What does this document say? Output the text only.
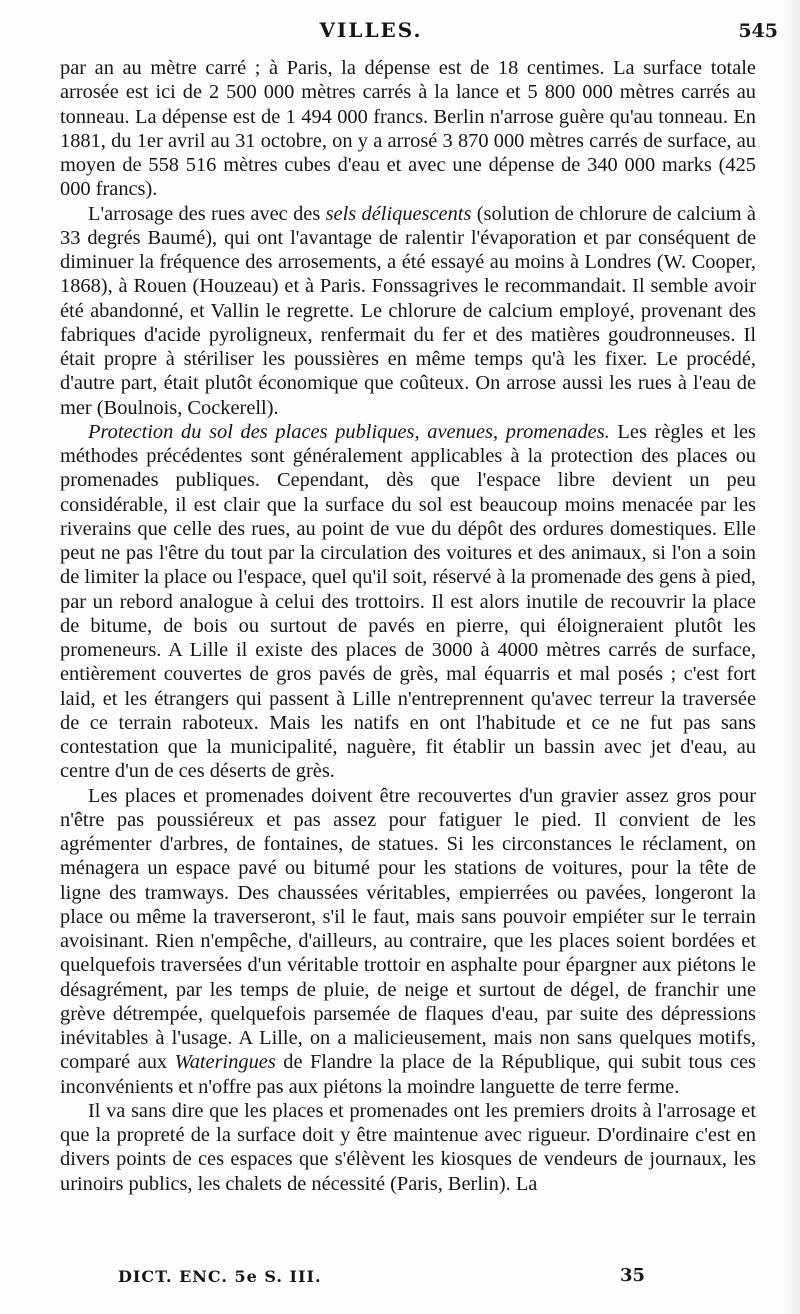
VILLES.	545

par an au mètre carré ; à Paris, la dépense est de 18 centimes. La surface totale arrosée est ici de 2 500 000 mètres carrés à la lance et 5 800 000 mètres carrés au tonneau. La dépense est de 1 494 000 francs. Berlin n'arrose guère qu'au tonneau. En 1881, du 1er avril au 31 octobre, on y a arrosé 3 870 000 mètres carrés de surface, au moyen de 558 516 mètres cubes d'eau et avec une dépense de 340 000 marks (425 000 francs).

L'arrosage des rues avec des sels déliquescents (solution de chlorure de calcium à 33 degrés Baumé), qui ont l'avantage de ralentir l'évaporation et par conséquent de diminuer la fréquence des arrosements, a été essayé au moins à Londres (W. Cooper, 1868), à Rouen (Houzeau) et à Paris. Fonssagrives le recommandait. Il semble avoir été abandonné, et Vallin le regrette. Le chlorure de calcium employé, provenant des fabriques d'acide pyroligneux, renfermait du fer et des matières goudronneuses. Il était propre à stériliser les poussières en même temps qu'à les fixer. Le procédé, d'autre part, était plutôt économique que coûteux. On arrose aussi les rues à l'eau de mer (Boulnois, Cockerell).

Protection du sol des places publiques, avenues, promenades. Les règles et les méthodes précédentes sont généralement applicables à la protection des places ou promenades publiques. Cependant, dès que l'espace libre devient un peu considérable, il est clair que la surface du sol est beaucoup moins menacée par les riverains que celle des rues, au point de vue du dépôt des ordures domestiques. Elle peut ne pas l'être du tout par la circulation des voitures et des animaux, si l'on a soin de limiter la place ou l'espace, quel qu'il soit, réservé à la promenade des gens à pied, par un rebord analogue à celui des trottoirs. Il est alors inutile de recouvrir la place de bitume, de bois ou surtout de pavés en pierre, qui éloigneraient plutôt les promeneurs. A Lille il existe des places de 3000 à 4000 mètres carrés de surface, entièrement couvertes de gros pavés de grès, mal équarris et mal posés ; c'est fort laid, et les étrangers qui passent à Lille n'entreprennent qu'avec terreur la traversée de ce terrain raboteux. Mais les natifs en ont l'habitude et ce ne fut pas sans contestation que la municipalité, naguère, fit établir un bassin avec jet d'eau, au centre d'un de ces déserts de grès.

Les places et promenades doivent être recouvertes d'un gravier assez gros pour n'être pas poussiéreux et pas assez pour fatiguer le pied. Il convient de les agrémenter d'arbres, de fontaines, de statues. Si les circonstances le réclament, on ménagera un espace pavé ou bitumé pour les stations de voitures, pour la tête de ligne des tramways. Des chaussées véritables, empierrées ou pavées, longeront la place ou même la traverseront, s'il le faut, mais sans pouvoir empiéter sur le terrain avoisinant. Rien n'empêche, d'ailleurs, au contraire, que les places soient bordées et quelquefois traversées d'un véritable trottoir en asphalte pour épargner aux piétons le désagrément, par les temps de pluie, de neige et surtout de dégel, de franchir une grève détrempée, quelquefois parsemée de flaques d'eau, par suite des dépressions inévitables à l'usage. A Lille, on a malicieusement, mais non sans quelques motifs, comparé aux Wateringues de Flandre la place de la République, qui subit tous ces inconvénients et n'offre pas aux piétons la moindre languette de terre ferme.

Il va sans dire que les places et promenades ont les premiers droits à l'arrosage et que la propreté de la surface doit y être maintenue avec rigueur. D'ordinaire c'est en divers points de ces espaces que s'élèvent les kiosques de vendeurs de journaux, les urinoirs publics, les chalets de nécessité (Paris, Berlin). La

DICT. ENC. 5e S. III.	35
